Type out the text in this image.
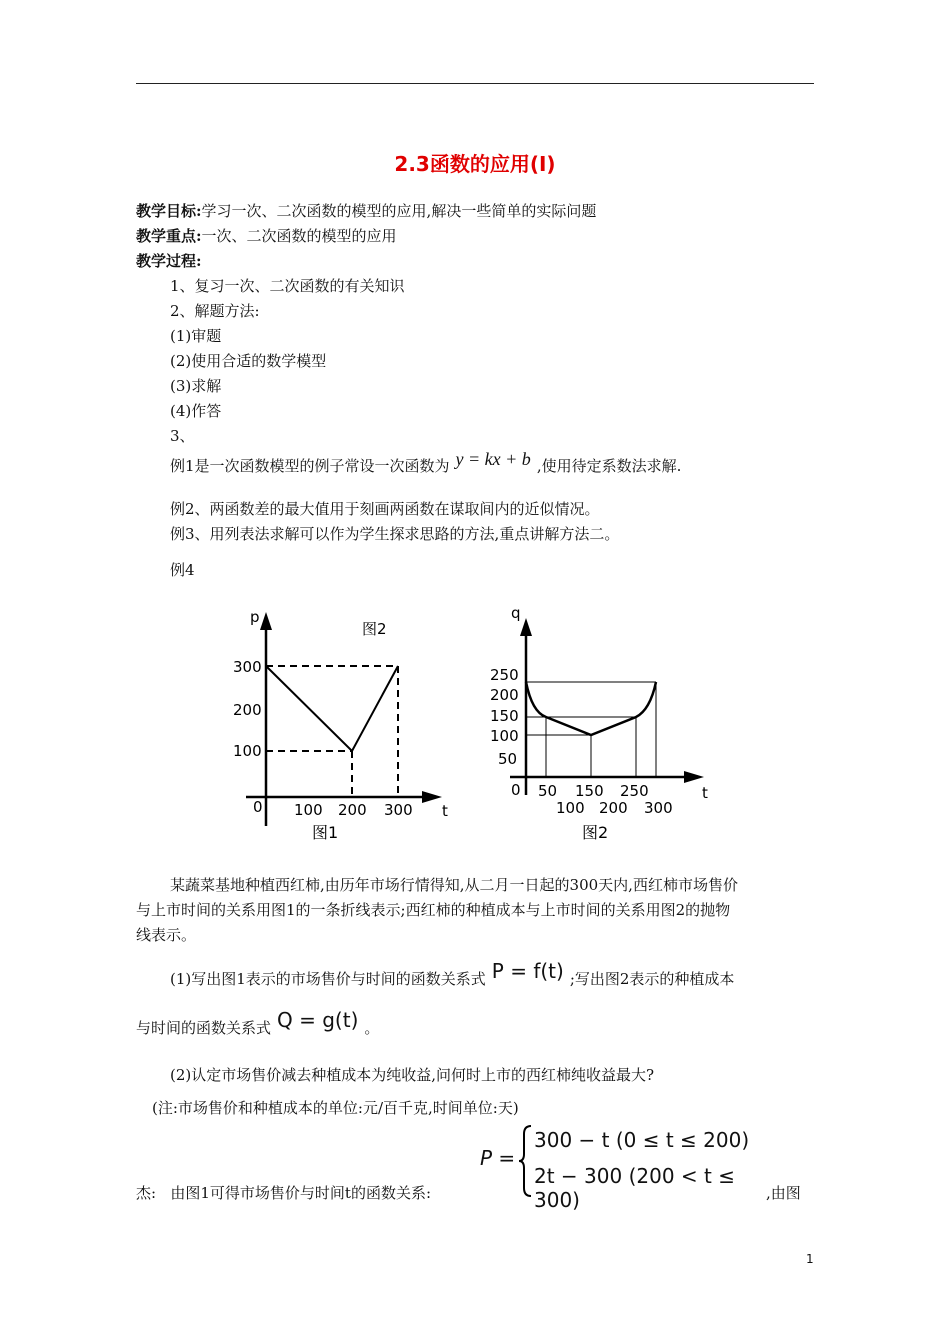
2.3函数的应用(Ⅰ)
教学目标:学习一次、二次函数的模型的应用,解决一些简单的实际问题
教学重点:一次、二次函数的模型的应用
教学过程:
1、复习一次、二次函数的有关知识
2、解题方法:
(1)审题
(2)使用合适的数学模型
(3)求解
(4)作答
3、
例1是一次函数模型的例子常设一次函数为 y = kx + b ,使用待定系数法求解.
例2、两函数差的最大值用于刻画两函数在谋取间内的近似情况。
例3、用列表法求解可以作为学生探求思路的方法,重点讲解方法二。
例4
p
t
0
图2
300
200
100
100 200 300
图1
q
t
0
250
200
150
100
50
50 150 250
100 200 300
图2
某蔬菜基地种植西红柿,由历年市场行情得知,从二月一日起的300天内,西红柿市场售价
与上市时间的关系用图1的一条折线表示;西红柿的种植成本与上市时间的关系用图2的抛物
线表示。
(1)写出图1表示的市场售价与时间的函数关系式 P = f(t) ;写出图2表示的种植成本
与时间的函数关系式 Q = g(t) 。
(2)认定市场售价减去种植成本为纯收益,问何时上市的西红柿纯收益最大?
(注:市场售价和种植成本的单位:元/百千克,时间单位:天)
P =
300 − t (0 ≤ t ≤ 200)
2t − 300 (200 < t ≤ 300)
杰: 由图1可得市场售价与时间t的函数关系:	,由图
1
